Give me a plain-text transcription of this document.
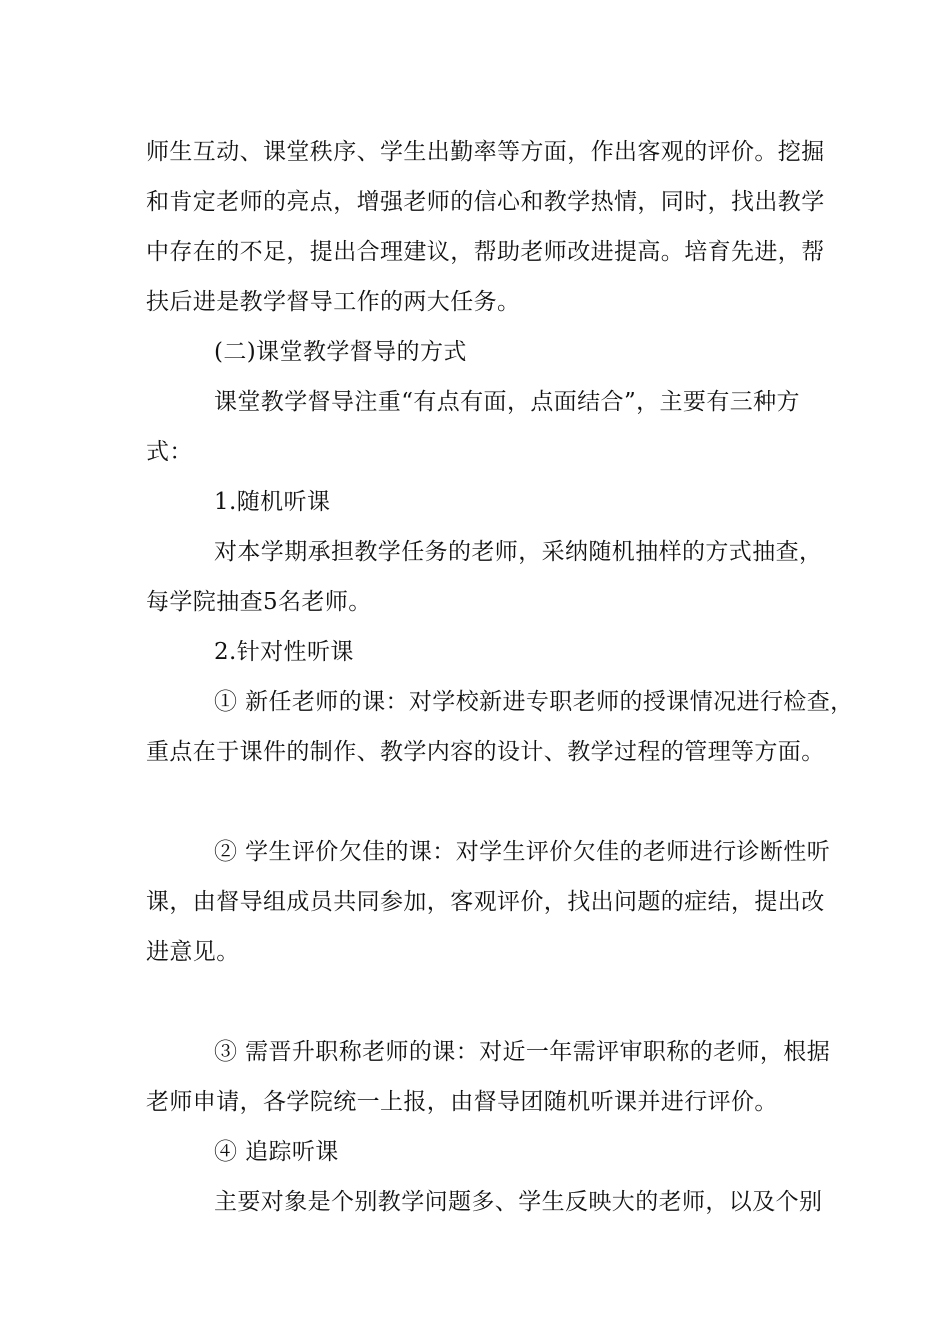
师生互动、课堂秩序、学生出勤率等方面，作出客观的评价。挖掘
和肯定老师的亮点，增强老师的信心和教学热情，同时，找出教学
中存在的不足，提出合理建议，帮助老师改进提高。培育先进，帮
扶后进是教学督导工作的两大任务。
(二)课堂教学督导的方式
课堂教学督导注重“有点有面，点面结合”，主要有三种方
式：
1.随机听课
对本学期承担教学任务的老师，采纳随机抽样的方式抽查，
每学院抽查5名老师。
2.针对性听课
① 新任老师的课：对学校新进专职老师的授课情况进行检查，
重点在于课件的制作、教学内容的设计、教学过程的管理等方面。
② 学生评价欠佳的课：对学生评价欠佳的老师进行诊断性听
课，由督导组成员共同参加，客观评价，找出问题的症结，提出改
进意见。
③ 需晋升职称老师的课：对近一年需评审职称的老师，根据
老师申请，各学院统一上报，由督导团随机听课并进行评价。
④ 追踪听课
主要对象是个别教学问题多、学生反映大的老师，以及个别
